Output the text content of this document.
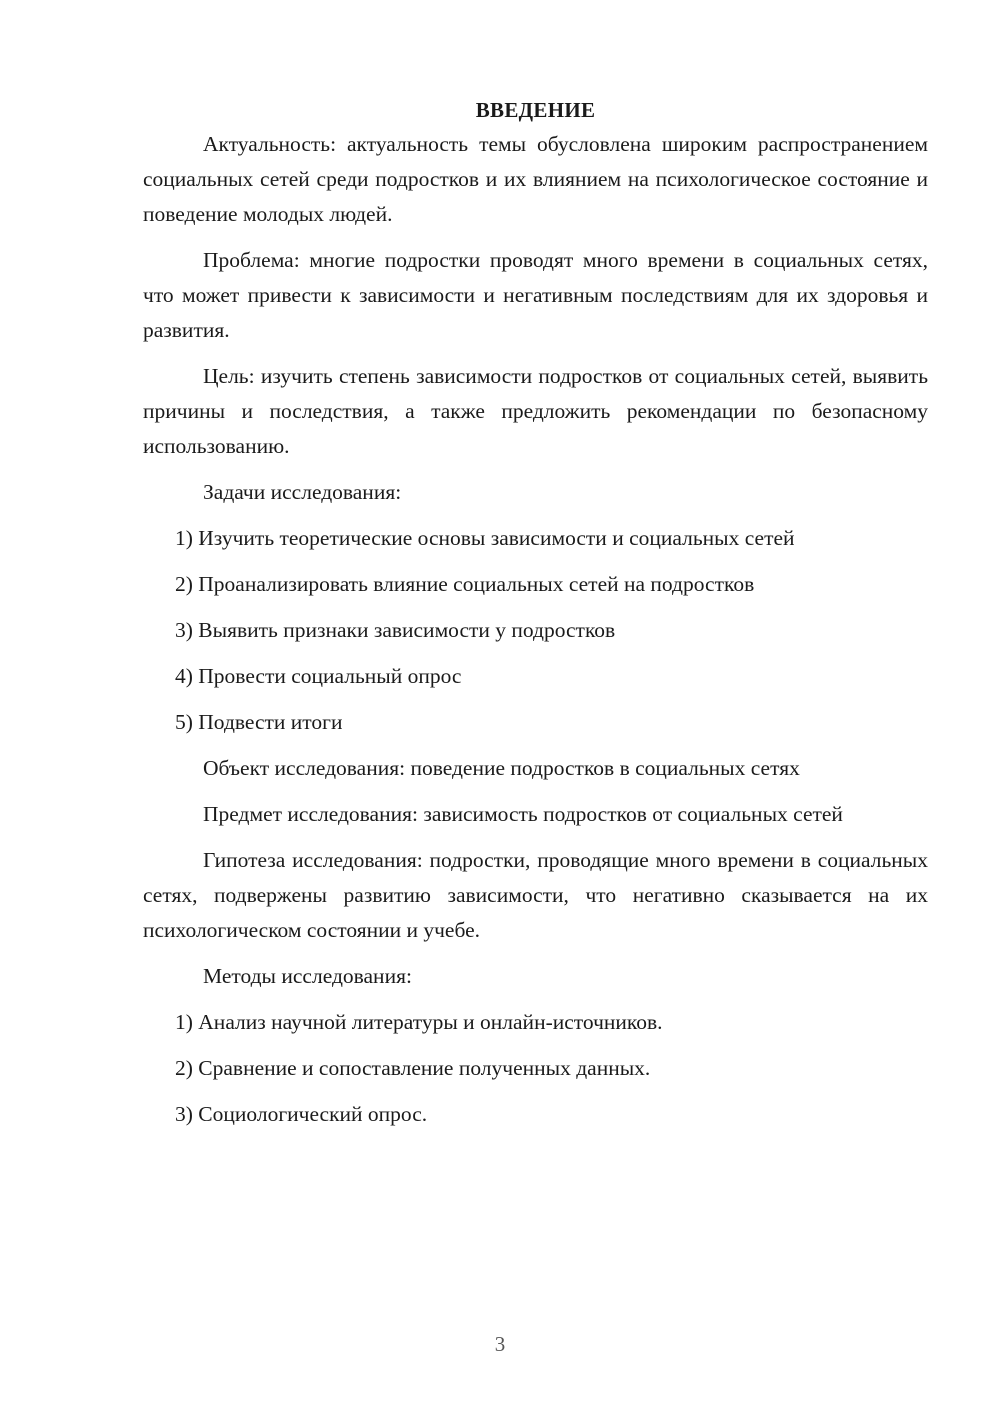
ВВЕДЕНИЕ

Актуальность: актуальность темы обусловлена широким распространением социальных сетей среди подростков и их влиянием на психологическое состояние и поведение молодых людей.

Проблема: многие подростки проводят много времени в социальных сетях, что может привести к зависимости и негативным последствиям для их здоровья и развития.

Цель: изучить степень зависимости подростков от социальных сетей, выявить причины и последствия, а также предложить рекомендации по безопасному использованию.

Задачи исследования:

1) Изучить теоретические основы зависимости и социальных сетей

2) Проанализировать влияние социальных сетей на подростков

3) Выявить признаки зависимости у подростков

4) Провести социальный опрос

5) Подвести итоги

Объект исследования: поведение подростков в социальных сетях

Предмет исследования: зависимость подростков от социальных сетей

Гипотеза исследования: подростки, проводящие много времени в социальных сетях, подвержены развитию зависимости, что негативно сказывается на их психологическом состоянии и учебе.

Методы исследования:

1) Анализ научной литературы и онлайн-источников.

2) Сравнение и сопоставление полученных данных.

3) Социологический опрос.

3
